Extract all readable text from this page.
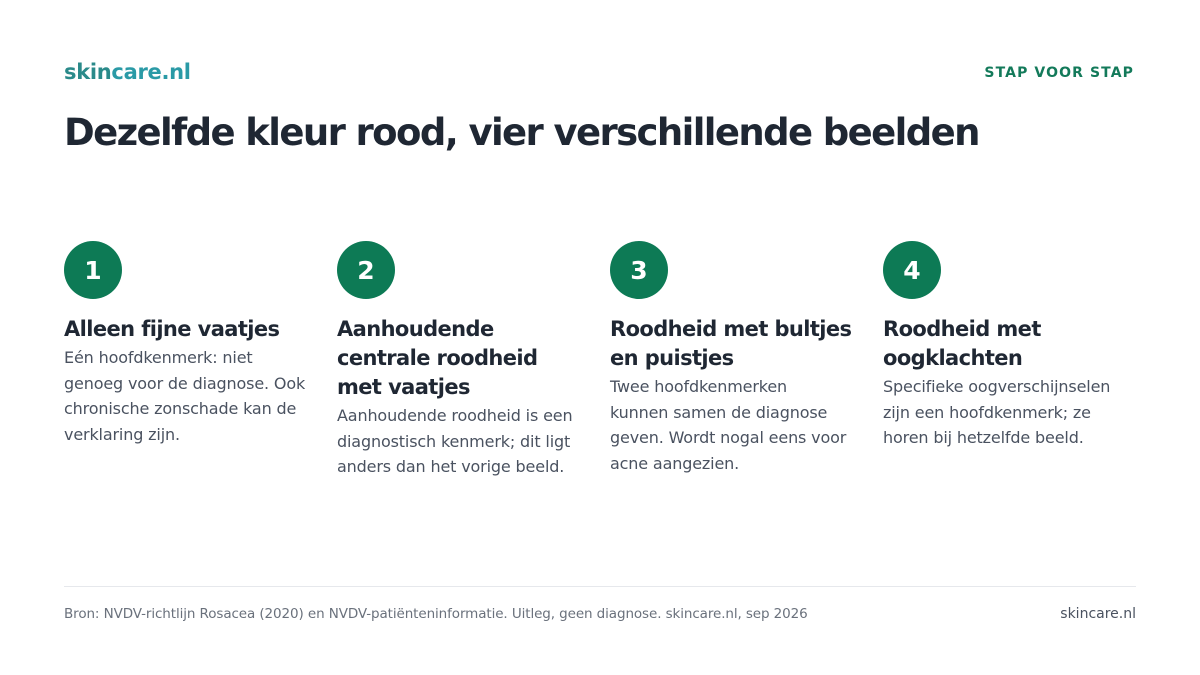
skincare.nl	STAP VOOR STAP
Dezelfde kleur rood, vier verschillende beelden
1
Alleen fijne vaatjes
Eén hoofdkenmerk: niet genoeg voor de diagnose. Ook chronische zonschade kan de verklaring zijn.
2
Aanhoudende centrale roodheid met vaatjes
Aanhoudende roodheid is een diagnostisch kenmerk; dit ligt anders dan het vorige beeld.
3
Roodheid met bultjes en puistjes
Twee hoofdkenmerken kunnen samen de diagnose geven. Wordt nogal eens voor acne aangezien.
4
Roodheid met oogklachten
Specifieke oogverschijnselen zijn een hoofdkenmerk; ze horen bij hetzelfde beeld.
Bron: NVDV-richtlijn Rosacea (2020) en NVDV-patiënteninformatie. Uitleg, geen diagnose. skincare.nl, sep 2026	skincare.nl
